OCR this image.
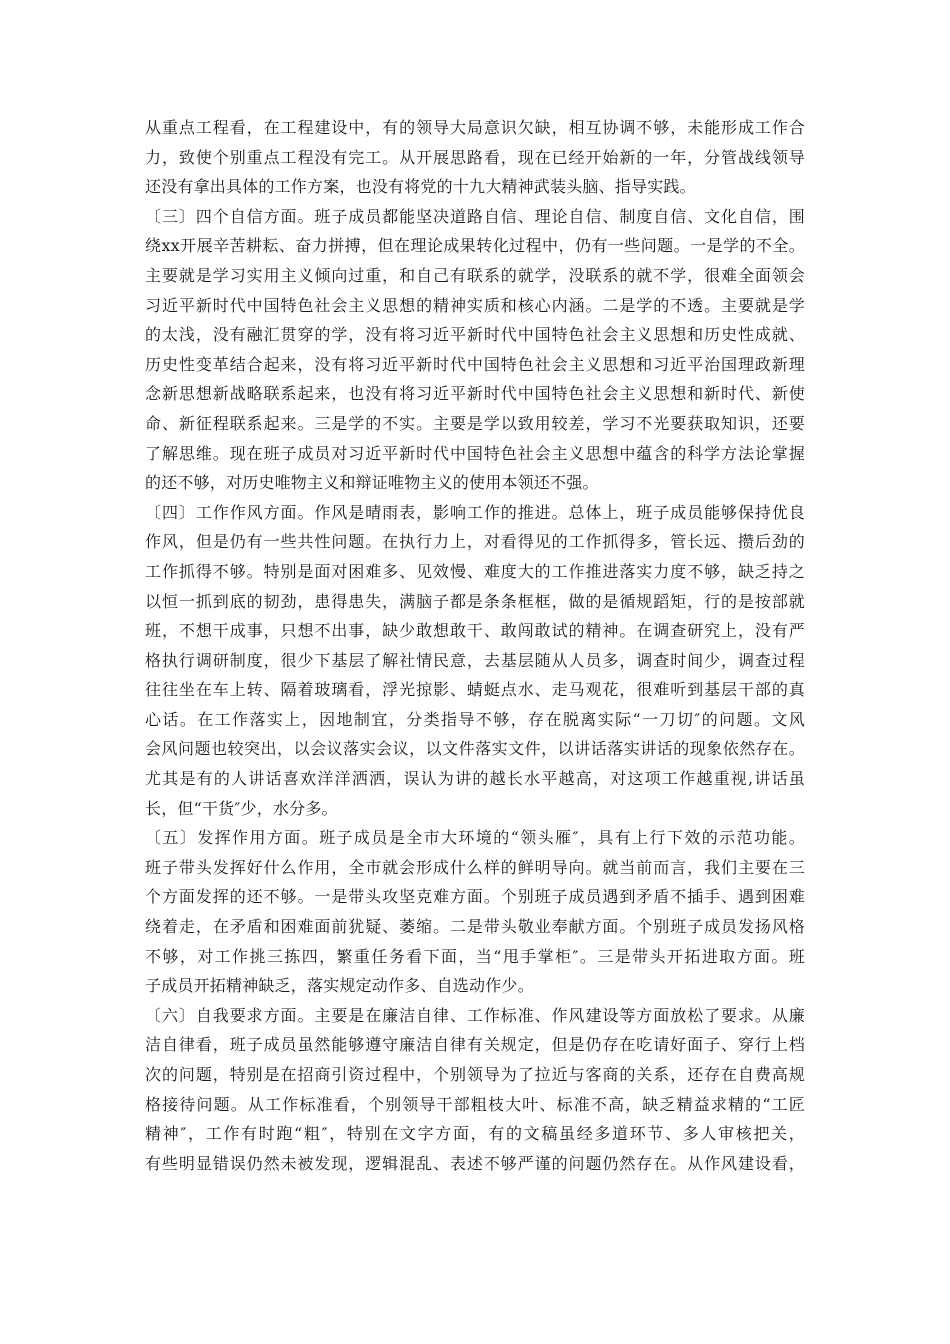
从重点工程看，在工程建设中，有的领导大局意识欠缺，相互协调不够，未能形成工作合
力，致使个别重点工程没有完工。从开展思路看，现在已经开始新的一年，分管战线领导
还没有拿出具体的工作方案，也没有将党的十九大精神武装头脑、指导实践。
〔三〕四个自信方面。班子成员都能坚决道路自信、理论自信、制度自信、文化自信，围
绕xx开展辛苦耕耘、奋力拼搏，但在理论成果转化过程中，仍有一些问题。一是学的不全。
主要就是学习实用主义倾向过重，和自己有联系的就学，没联系的就不学，很难全面领会
习近平新时代中国特色社会主义思想的精神实质和核心内涵。二是学的不透。主要就是学
的太浅，没有融汇贯穿的学，没有将习近平新时代中国特色社会主义思想和历史性成就、
历史性变革结合起来，没有将习近平新时代中国特色社会主义思想和习近平治国理政新理
念新思想新战略联系起来，也没有将习近平新时代中国特色社会主义思想和新时代、新使
命、新征程联系起来。三是学的不实。主要是学以致用较差，学习不光要获取知识，还要
了解思维。现在班子成员对习近平新时代中国特色社会主义思想中蕴含的科学方法论掌握
的还不够，对历史唯物主义和辩证唯物主义的使用本领还不强。
〔四〕工作作风方面。作风是晴雨表，影响工作的推进。总体上，班子成员能够保持优良
作风，但是仍有一些共性问题。在执行力上，对看得见的工作抓得多，管长远、攒后劲的
工作抓得不够。特别是面对困难多、见效慢、难度大的工作推进落实力度不够，缺乏持之
以恒一抓到底的韧劲，患得患失，满脑子都是条条框框，做的是循规蹈矩，行的是按部就
班，不想干成事，只想不出事，缺少敢想敢干、敢闯敢试的精神。在调查研究上，没有严
格执行调研制度，很少下基层了解社情民意，去基层随从人员多，调查时间少，调查过程
往往坐在车上转、隔着玻璃看，浮光掠影、蜻蜓点水、走马观花，很难听到基层干部的真
心话。在工作落实上，因地制宜，分类指导不够，存在脱离实际“一刀切″的问题。文风
会风问题也较突出，以会议落实会议，以文件落实文件，以讲话落实讲话的现象依然存在。
尤其是有的人讲话喜欢洋洋洒洒，误认为讲的越长水平越高，对这项工作越重视,讲话虽
长，但“干货″少，水分多。
〔五〕发挥作用方面。班子成员是全市大环境的“领头雁″，具有上行下效的示范功能。
班子带头发挥好什么作用，全市就会形成什么样的鲜明导向。就当前而言，我们主要在三
个方面发挥的还不够。一是带头攻坚克难方面。个别班子成员遇到矛盾不插手、遇到困难
绕着走，在矛盾和困难面前犹疑、萎缩。二是带头敬业奉献方面。个别班子成员发扬风格
不够，对工作挑三拣四，繁重任务看下面，当“甩手掌柜″。三是带头开拓进取方面。班
子成员开拓精神缺乏，落实规定动作多、自选动作少。
〔六〕自我要求方面。主要是在廉洁自律、工作标准、作风建设等方面放松了要求。从廉
洁自律看，班子成员虽然能够遵守廉洁自律有关规定，但是仍存在吃请好面子、穿行上档
次的问题，特别是在招商引资过程中，个别领导为了拉近与客商的关系，还存在自费高规
格接待问题。从工作标准看，个别领导干部粗枝大叶、标准不高，缺乏精益求精的“工匠
精神″，工作有时跑“粗″，特别在文字方面，有的文稿虽经多道环节、多人审核把关，
有些明显错误仍然未被发现，逻辑混乱、表述不够严谨的问题仍然存在。从作风建设看，
